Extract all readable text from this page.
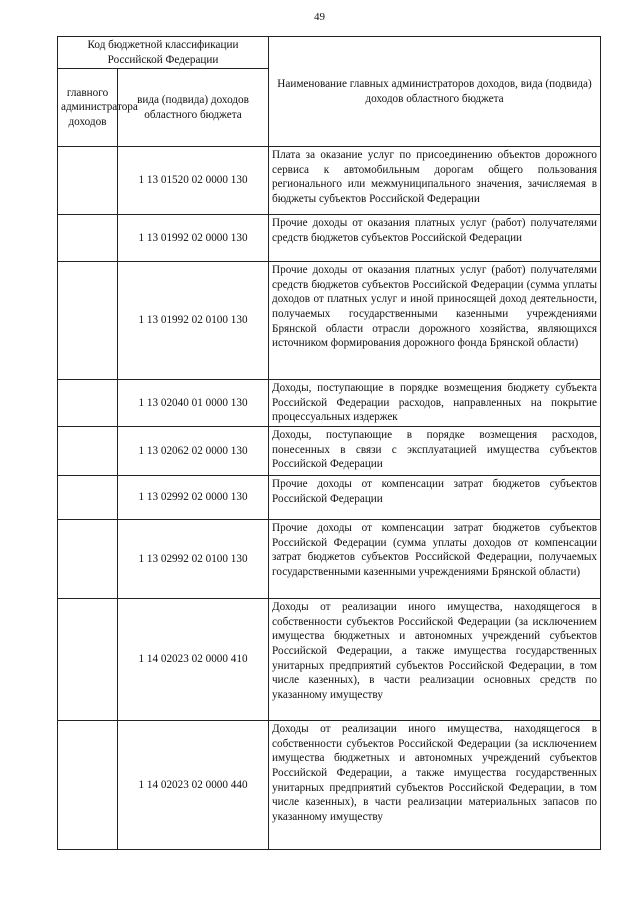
49
Код бюджетной классификации Российской Федерации		Наименование главных администраторов доходов, вида (подвида) доходов областного бюджета
главного администратора доходов	вида (подвида) доходов областного бюджета	
	1 13 01520 02 0000 130	Плата за оказание услуг по присоединению объектов дорожного сервиса к автомобильным дорогам общего пользования регионального или межмуниципального значения, зачисляемая в бюджеты субъектов Российской Федерации
	1 13 01992 02 0000 130	Прочие доходы от оказания платных услуг (работ) получателями средств бюджетов субъектов Российской Федерации
	1 13 01992 02 0100 130	Прочие доходы от оказания платных услуг (работ) получателями средств бюджетов субъектов Российской Федерации (сумма уплаты доходов от платных услуг и иной приносящей доход деятельности, получаемых государственными казенными учреждениями Брянской области отрасли дорожного хозяйства, являющихся источником формирования дорожного фонда Брянской области)
	1 13 02040 01 0000 130	Доходы, поступающие в порядке возмещения бюджету субъекта Российской Федерации расходов, направленных на покрытие процессуальных издержек
	1 13 02062 02 0000 130	Доходы, поступающие в порядке возмещения расходов, понесенных в связи с эксплуатацией имущества субъектов Российской Федерации
	1 13 02992 02 0000 130	Прочие доходы от компенсации затрат бюджетов субъектов Российской Федерации
	1 13 02992 02 0100 130	Прочие доходы от компенсации затрат бюджетов субъектов Российской Федерации (сумма уплаты доходов от компенсации затрат бюджетов субъектов Российской Федерации, получаемых государственными казенными учреждениями Брянской области)
	1 14 02023 02 0000 410	Доходы от реализации иного имущества, находящегося в собственности субъектов Российской Федерации (за исключением имущества бюджетных и автономных учреждений субъектов Российской Федерации, а также имущества государственных унитарных предприятий субъектов Российской Федерации, в том числе казенных), в части реализации основных средств по указанному имуществу
	1 14 02023 02 0000 440	Доходы от реализации иного имущества, находящегося в собственности субъектов Российской Федерации (за исключением имущества бюджетных и автономных учреждений субъектов Российской Федерации, а также имущества государственных унитарных предприятий субъектов Российской Федерации, в том числе казенных), в части реализации материальных запасов по указанному имуществу
